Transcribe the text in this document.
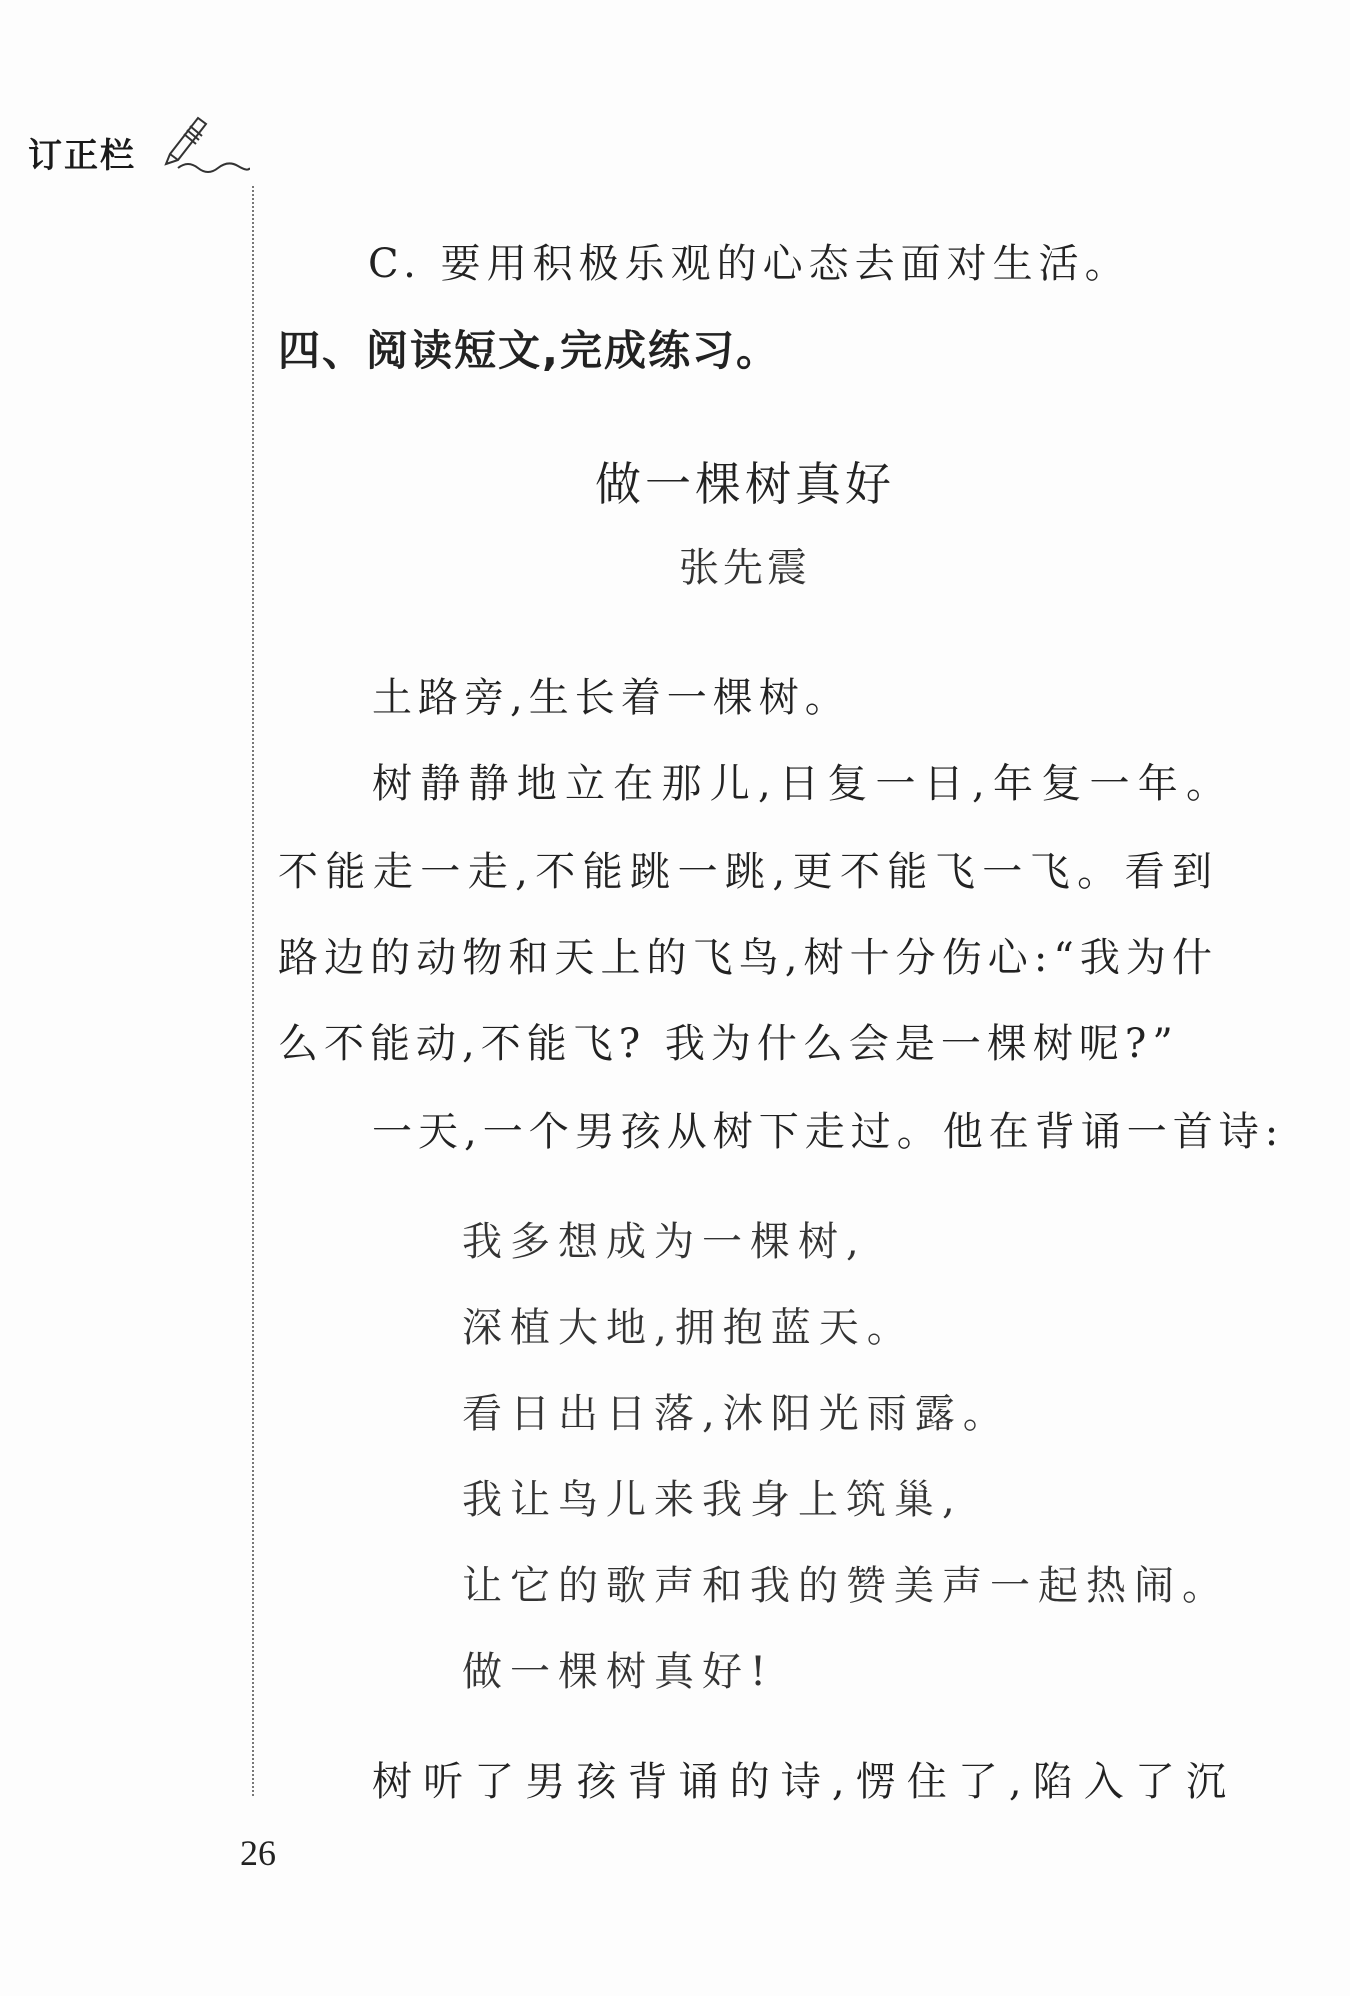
订正栏
C. 要用积极乐观的心态去面对生活。
四、阅读短文,完成练习。
做一棵树真好
张先震
土路旁,生长着一棵树。
树静静地立在那儿,日复一日,年复一年。
不能走一走,不能跳一跳,更不能飞一飞。看到
路边的动物和天上的飞鸟,树十分伤心:“我为什
么不能动,不能飞? 我为什么会是一棵树呢?”
一天,一个男孩从树下走过。他在背诵一首诗:
我多想成为一棵树,
深植大地,拥抱蓝天。
看日出日落,沐阳光雨露。
我让鸟儿来我身上筑巢,
让它的歌声和我的赞美声一起热闹。
做一棵树真好!
树听了男孩背诵的诗,愣住了,陷入了沉
26
